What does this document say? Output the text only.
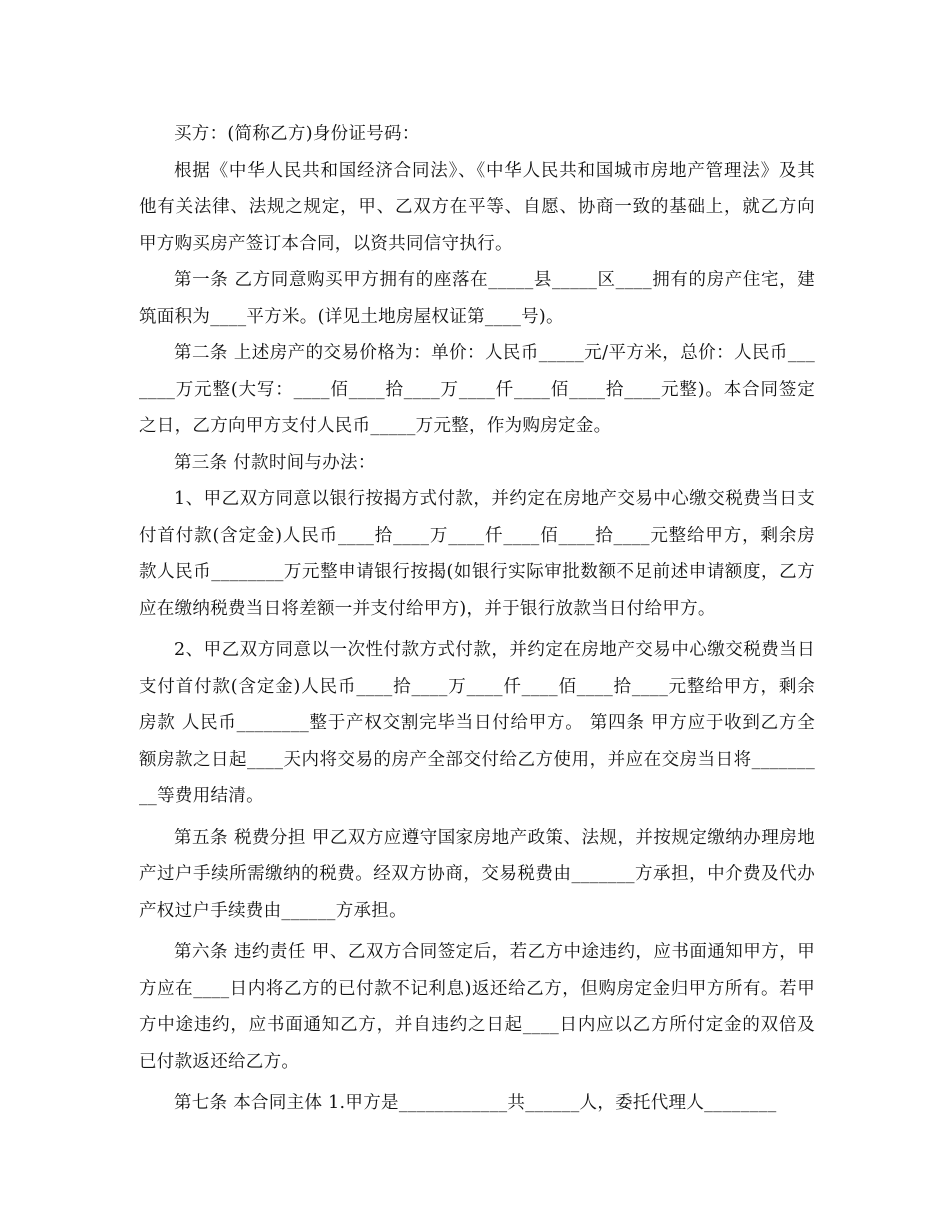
买方：(简称乙方)身份证号码：

根据《中华人民共和国经济合同法》、《中华人民共和国城市房地产管理法》及其他有关法律、法规之规定，甲、乙双方在平等、自愿、协商一致的基础上，就乙方向甲方购买房产签订本合同，以资共同信守执行。

第一条 乙方同意购买甲方拥有的座落在_____县_____区____拥有的房产住宅，建筑面积为____平方米。(详见土地房屋权证第____号)。

第二条 上述房产的交易价格为：单价：人民币_____元/平方米，总价：人民币_______万元整(大写：____佰____拾____万____仟____佰____拾____元整)。本合同签定之日，乙方向甲方支付人民币_____万元整，作为购房定金。

第三条 付款时间与办法：

1、甲乙双方同意以银行按揭方式付款，并约定在房地产交易中心缴交税费当日支付首付款(含定金)人民币____拾____万____仟____佰____拾____元整给甲方，剩余房款人民币________万元整申请银行按揭(如银行实际审批数额不足前述申请额度，乙方应在缴纳税费当日将差额一并支付给甲方)，并于银行放款当日付给甲方。

2、甲乙双方同意以一次性付款方式付款，并约定在房地产交易中心缴交税费当日支付首付款(含定金)人民币____拾____万____仟____佰____拾____元整给甲方，剩余房款 人民币________整于产权交割完毕当日付给甲方。 第四条 甲方应于收到乙方全额房款之日起____天内将交易的房产全部交付给乙方使用，并应在交房当日将_________等费用结清。

第五条 税费分担 甲乙双方应遵守国家房地产政策、法规，并按规定缴纳办理房地产过户手续所需缴纳的税费。经双方协商，交易税费由_______方承担，中介费及代办产权过户手续费由______方承担。

第六条 违约责任 甲、乙双方合同签定后，若乙方中途违约，应书面通知甲方，甲方应在____日内将乙方的已付款不记利息)返还给乙方，但购房定金归甲方所有。若甲方中途违约，应书面通知乙方，并自违约之日起____日内应以乙方所付定金的双倍及已付款返还给乙方。

第七条 本合同主体 1.甲方是____________共______人，委托代理人________
